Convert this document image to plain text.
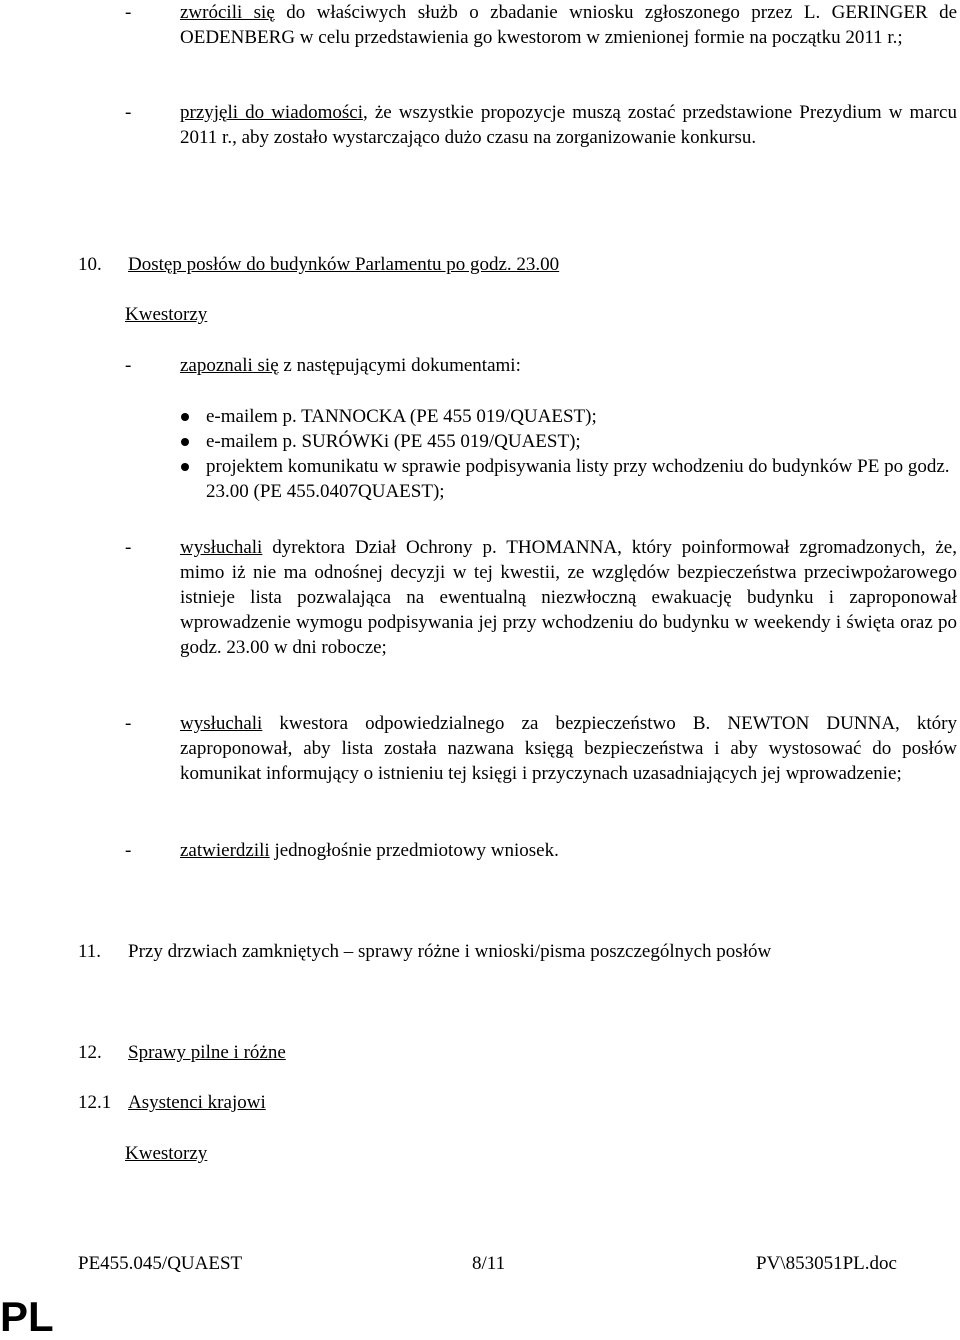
-	zwrócili się do właściwych służb o zbadanie wniosku zgłoszonego przez L. GERINGER de OEDENBERG w celu przedstawienia go kwestorom w zmienionej formie na początku 2011 r.;
-	przyjęli do wiadomości, że wszystkie propozycje muszą zostać przedstawione Prezydium w marcu 2011 r., aby zostało wystarczająco dużo czasu na zorganizowanie konkursu.
10. Dostęp posłów do budynków Parlamentu po godz. 23.00
Kwestorzy
-	zapoznali się z następującymi dokumentami:
e-mailem p. TANNOCKA (PE 455 019/QUAEST);
e-mailem p. SURÓWKi (PE 455 019/QUAEST);
projektem komunikatu w sprawie podpisywania listy przy wchodzeniu do budynków PE po godz. 23.00 (PE 455.0407QUAEST);
-	wysłuchali dyrektora Dział Ochrony p. THOMANNA, który poinformował zgromadzonych, że, mimo iż nie ma odnośnej decyzji w tej kwestii, ze względów bezpieczeństwa przeciwpożarowego istnieje lista pozwalająca na ewentualną niezwłoczną ewakuację budynku i zaproponował wprowadzenie wymogu podpisywania jej przy wchodzeniu do budynku w weekendy i święta oraz po godz. 23.00 w dni robocze;
-	wysłuchali kwestora odpowiedzialnego za bezpieczeństwo B. NEWTON DUNNA, który zaproponował, aby lista została nazwana księgą bezpieczeństwa i aby wystosować do posłów komunikat informujący o istnieniu tej księgi i przyczynach uzasadniających jej wprowadzenie;
-	zatwierdzili jednogłośnie przedmiotowy wniosek.
11. Przy drzwiach zamkniętych – sprawy różne i wnioski/pisma poszczególnych posłów
12. Sprawy pilne i różne
12.1 Asystenci krajowi
Kwestorzy
PE455.045/QUAEST	8/11	PV\853051PL.doc
PL
